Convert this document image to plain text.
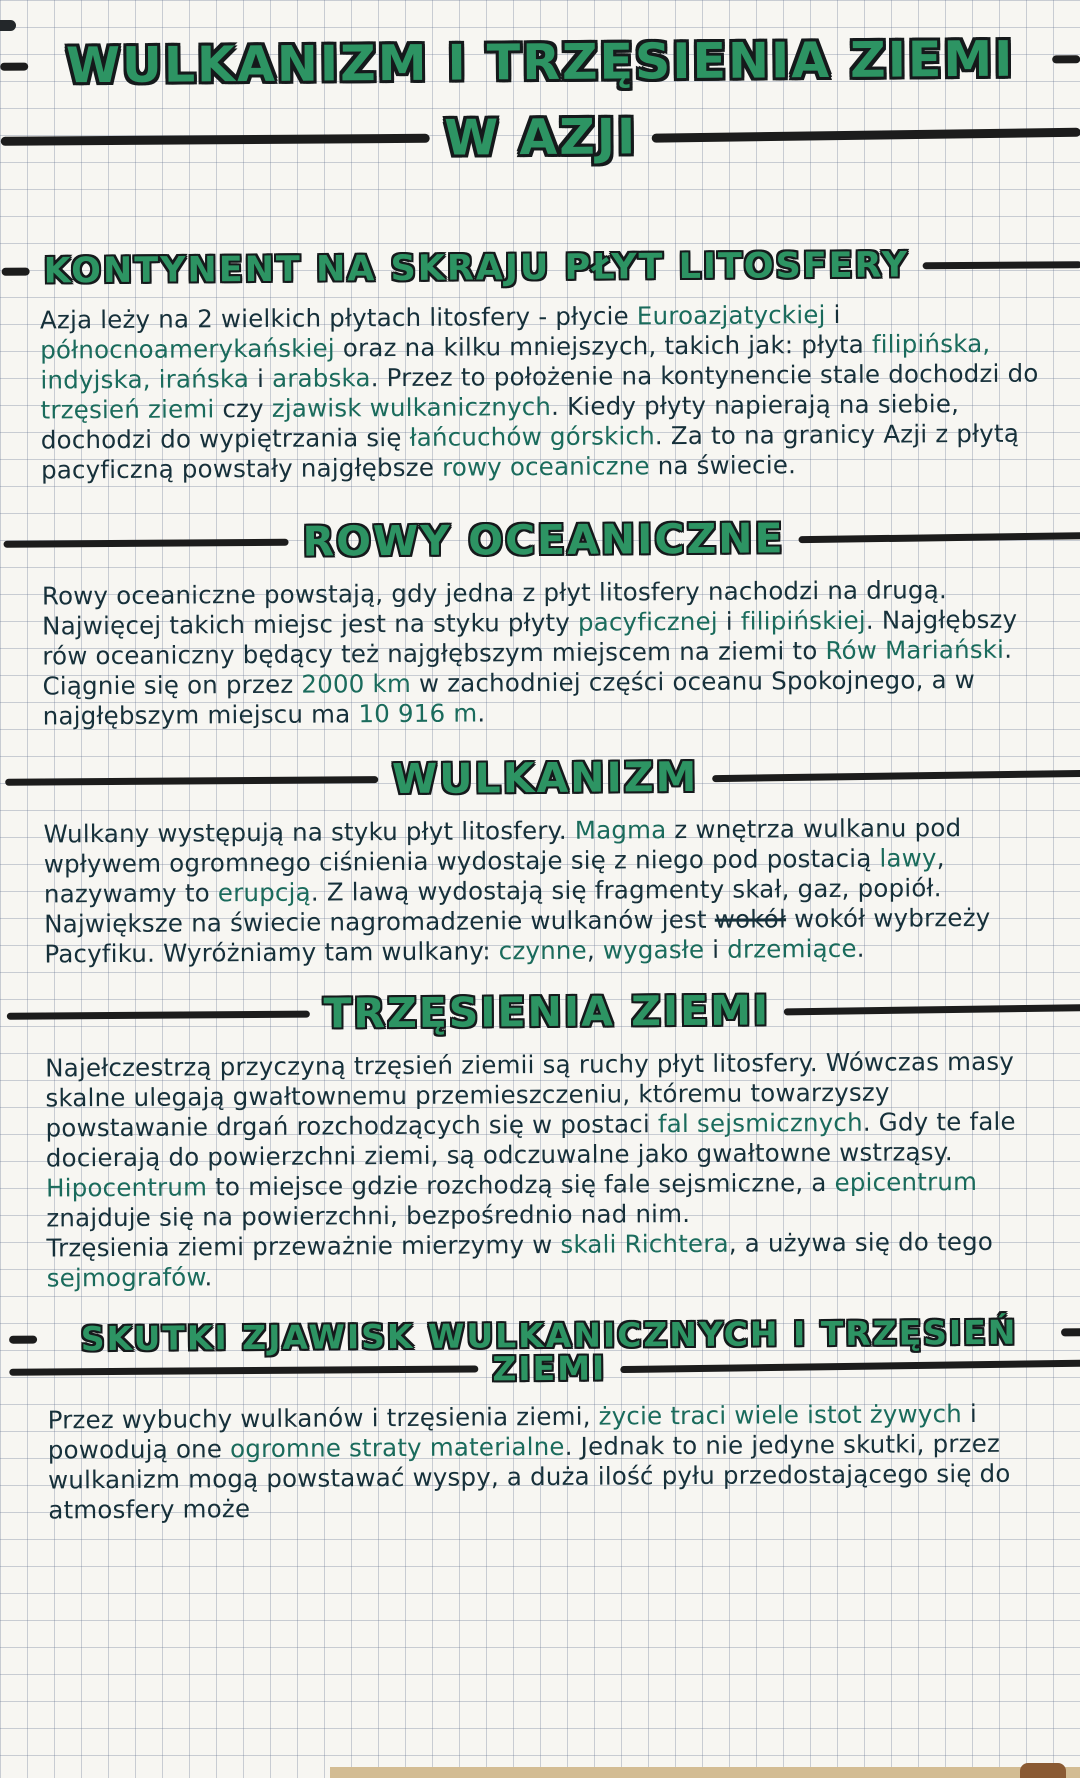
WULKANIZM I TRZĘSIENIA ZIEMI
W AZJI
KONTYNENT NA SKRAJU PŁYT LITOSFERY

Azja leży na 2 wielkich płytach litosfery - płycie Euroazjatyckiej i północnoamerykańskiej oraz na kilku mniejszych, takich jak: płyta filipińska, indyjska, irańska i arabska. Przez to położenie na kontynencie stale dochodzi do trzęsień ziemi czy zjawisk wulkanicznych. Kiedy płyty napierają na siebie, dochodzi do wypiętrzania się łańcuchów górskich. Za to na granicy Azji z płytą pacyficzną powstały najgłębsze rowy oceaniczne na świecie.

ROWY OCEANICZNE

Rowy oceaniczne powstają, gdy jedna z płyt litosfery nachodzi na drugą. Najwięcej takich miejsc jest na styku płyty pacyficznej i filipińskiej. Najgłębszy rów oceaniczny będący też najgłębszym miejscem na ziemi to Rów Mariański. Ciągnie się on przez 2000 km w zachodniej części oceanu Spokojnego, a w najgłębszym miejscu ma 10 916 m.

WULKANIZM

Wulkany występują na styku płyt litosfery. Magma z wnętrza wulkanu pod wpływem ogromnego ciśnienia wydostaje się z niego pod postacią lawy, nazywamy to erupcją. Z lawą wydostają się fragmenty skał, gaz, popiół. Największe na świecie nagromadzenie wulkanów jest wokół wokół wybrzeży Pacyfiku. Wyróżniamy tam wulkany: czynne, wygasłe i drzemiące.

TRZĘSIENIA ZIEMI

Najełczestrzą przyczyną trzęsień ziemii są ruchy płyt litosfery. Wówczas masy skalne ulegają gwałtownemu przemieszczeniu, któremu towarzyszy powstawanie drgań rozchodzących się w postaci fal sejsmicznych. Gdy te fale docierają do powierzchni ziemi, są odczuwalne jako gwałtowne wstrząsy.
Hipocentrum to miejsce gdzie rozchodzą się fale sejsmiczne, a epicentrum znajduje się na powierzchni, bezpośrednio nad nim.
Trzęsienia ziemi przeważnie mierzymy w skali Richtera, a używa się do tego sejmografów.

SKUTKI ZJAWISK WULKANICZNYCH I TRZĘSIEŃ
ZIEMI

Przez wybuchy wulkanów i trzęsienia ziemi, życie traci wiele istot żywych i powodują one ogromne straty materialne. Jednak to nie jedyne skutki, przez wulkanizm mogą powstawać wyspy, a duża ilość pyłu przedostającego się do atmosfery może
